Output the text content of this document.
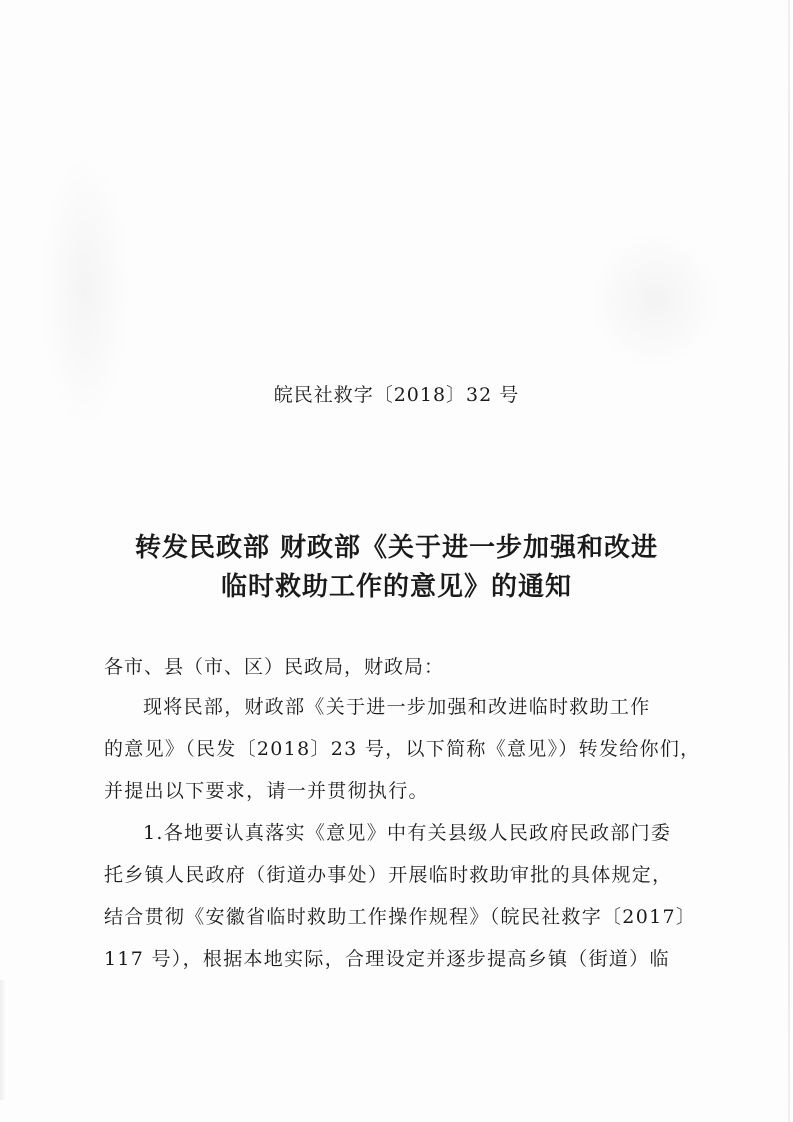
皖民社救字〔2018〕32 号
转发民政部 财政部《关于进一步加强和改进
临时救助工作的意见》的通知
各市、县（市、区）民政局，财政局：
现将民部，财政部《关于进一步加强和改进临时救助工作
的意见》（民发〔2018〕23 号，以下简称《意见》）转发给你们，
并提出以下要求，请一并贯彻执行。
1.各地要认真落实《意见》中有关县级人民政府民政部门委
托乡镇人民政府（街道办事处）开展临时救助审批的具体规定，
结合贯彻《安徽省临时救助工作操作规程》（皖民社救字〔2017〕
117 号），根据本地实际，合理设定并逐步提高乡镇（街道）临
